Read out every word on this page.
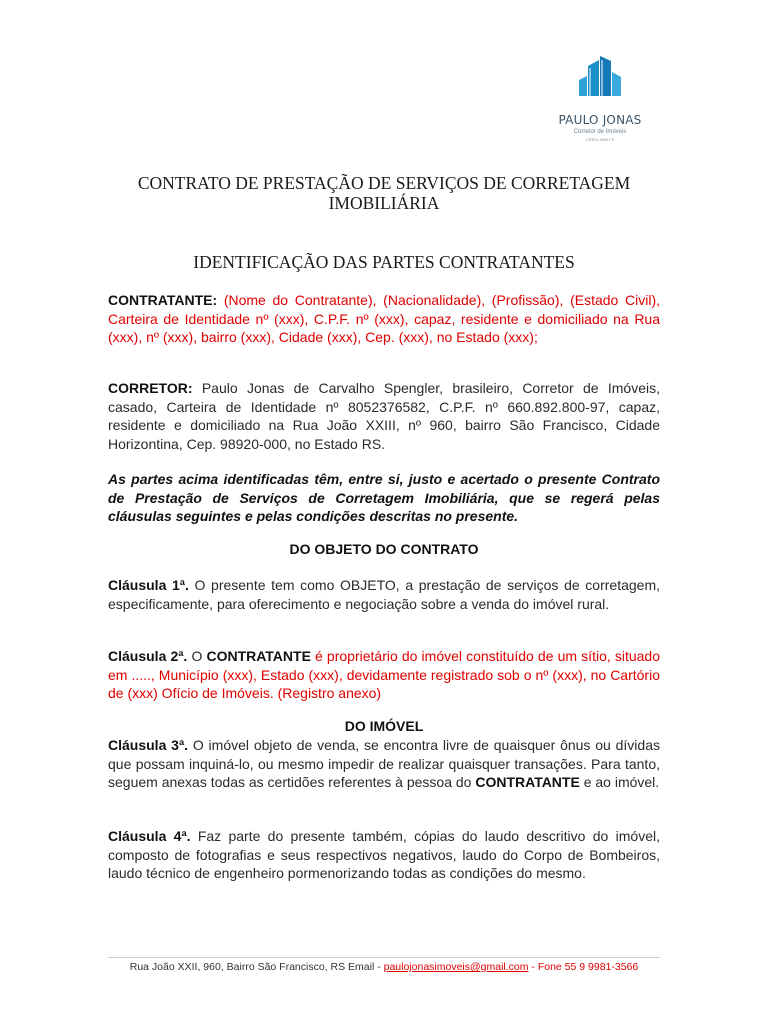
PAULO JONAS
Corretor de Imóveis
CRECI 46547 F
CONTRATO DE PRESTAÇÃO DE SERVIÇOS DE CORRETAGEM
IMOBILIÁRIA
IDENTIFICAÇÃO DAS PARTES CONTRATANTES
CONTRATANTE: (Nome do Contratante), (Nacionalidade), (Profissão), (Estado Civil), Carteira de Identidade nº (xxx), C.P.F. nº (xxx), capaz, residente e domiciliado na Rua (xxx), nº (xxx), bairro (xxx), Cidade (xxx), Cep. (xxx), no Estado (xxx);
CORRETOR: Paulo Jonas de Carvalho Spengler, brasileiro, Corretor de Imóveis, casado, Carteira de Identidade nº 8052376582, C.P.F. nº 660.892.800-97, capaz, residente e domiciliado na Rua João XXIII, nº 960, bairro São Francisco, Cidade Horizontina, Cep. 98920-000, no Estado RS.
As partes acima identificadas têm, entre si, justo e acertado o presente Contrato de Prestação de Serviços de Corretagem Imobiliária, que se regerá pelas cláusulas seguintes e pelas condições descritas no presente.
DO OBJETO DO CONTRATO
Cláusula 1ª. O presente tem como OBJETO, a prestação de serviços de corretagem, especificamente, para oferecimento e negociação sobre a venda do imóvel rural.
Cláusula 2ª. O CONTRATANTE é proprietário do imóvel constituído de um sítio, situado em ....., Município (xxx), Estado (xxx), devidamente registrado sob o nº (xxx), no Cartório de (xxx) Ofício de Imóveis. (Registro anexo)
DO IMÓVEL
Cláusula 3ª. O imóvel objeto de venda, se encontra livre de quaisquer ônus ou dívidas que possam inquiná-lo, ou mesmo impedir de realizar quaisquer transações. Para tanto, seguem anexas todas as certidões referentes à pessoa do CONTRATANTE e ao imóvel.
Cláusula 4ª. Faz parte do presente também, cópias do laudo descritivo do imóvel, composto de fotografias e seus respectivos negativos, laudo do Corpo de Bombeiros, laudo técnico de engenheiro pormenorizando todas as condições do mesmo.
Rua João XXII, 960, Bairro São Francisco, RS Email - paulojonasimoveis@gmail.com - Fone 55 9 9981-3566
